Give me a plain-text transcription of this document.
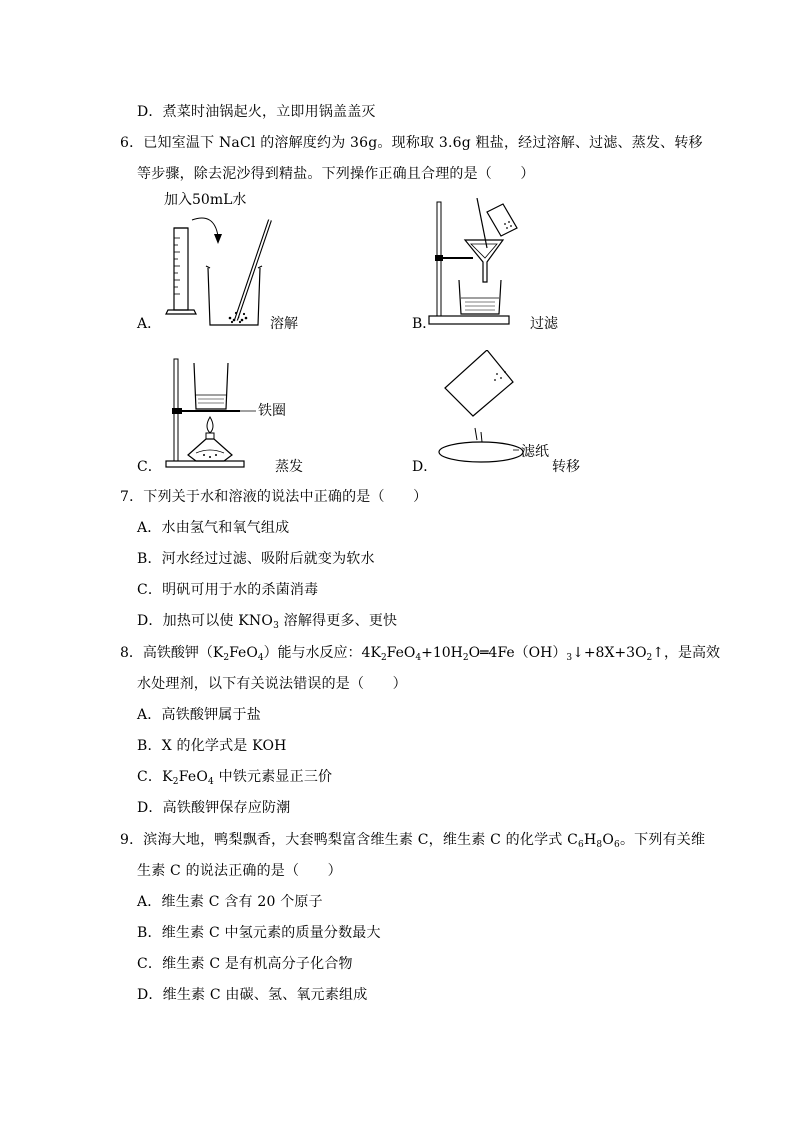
D．煮菜时油锅起火，立即用锅盖盖灭
6．已知室温下 NaCl 的溶解度约为 36g。现称取 3.6g 粗盐，经过溶解、过滤、蒸发、转移
等步骤，除去泥沙得到精盐。下列操作正确且合理的是（　　）
加入50mL水
A．	溶解	B．	过滤
铁圈
C．	蒸发
滤纸
D．	转移
7．下列关于水和溶液的说法中正确的是（　　）
A．水由氢气和氧气组成
B．河水经过过滤、吸附后就变为软水
C．明矾可用于水的杀菌消毒
D．加热可以使 $KNO_3$ 溶解得更多、更快
8．高铁酸钾$(K_2FeO_4)$能与水反应：$4K_2FeO_4+10H_2O═4Fe(OH)_3↓+8X+3O_2↑$，是高效
水处理剂，以下有关说法错误的是（　　）
A．高铁酸钾属于盐
B．X 的化学式是 KOH
C．$K_2FeO_4$ 中铁元素显正三价
D．高铁酸钾保存应防潮
9．滨海大地，鸭梨飘香，大套鸭梨富含维生素 C，维生素 C 的化学式 $C_6H_8O_6$。下列有关维
生素 C 的说法正确的是（　　）
A．维生素 C 含有 20 个原子
B．维生素 C 中氢元素的质量分数最大
C．维生素 C 是有机高分子化合物
D．维生素 C 由碳、氢、氧元素组成
